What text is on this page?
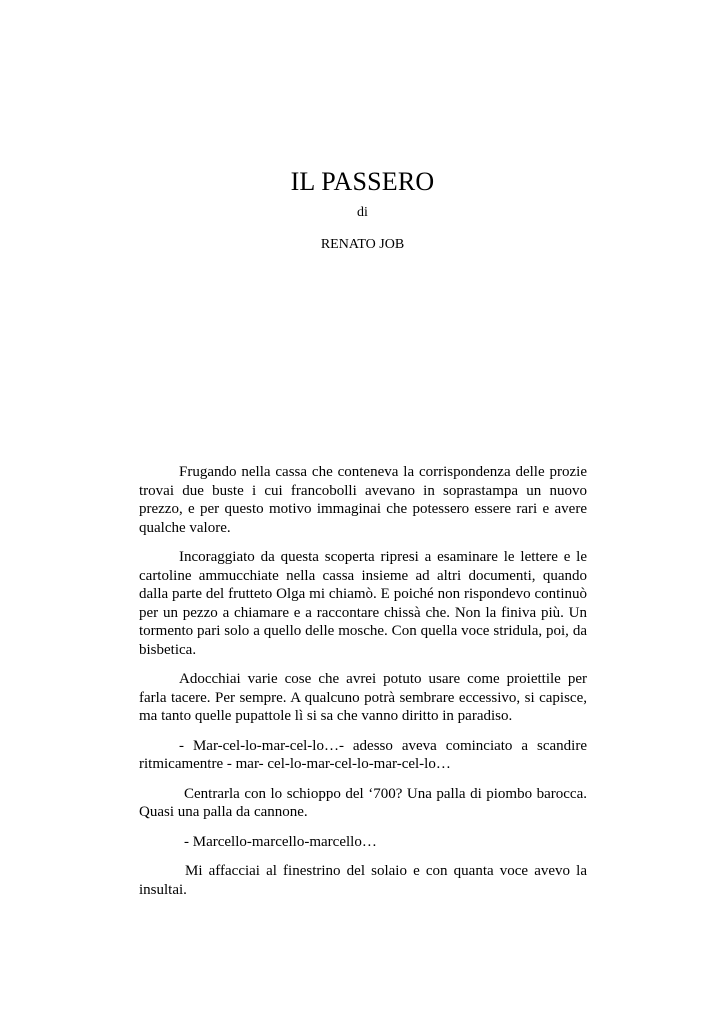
IL PASSERO
di
RENATO JOB

Frugando nella cassa che conteneva la corrispondenza delle prozie trovai due buste i cui francobolli avevano in soprastampa un nuovo prezzo, e per questo motivo immaginai che potessero essere rari e avere qualche valore.

Incoraggiato da questa scoperta ripresi a esaminare le lettere e le cartoline ammucchiate nella cassa insieme ad altri documenti, quando dalla parte del frutteto Olga mi chiamò. E poiché non rispondevo continuò per un pezzo a chiamare e a raccontare chissà che. Non la finiva più. Un tormento pari solo a quello delle mosche. Con quella voce stridula, poi, da bisbetica.

Adocchiai varie cose che avrei potuto usare come proiettile per farla tacere. Per sempre. A qualcuno potrà sembrare eccessivo, si capisce, ma tanto quelle pupattole lì si sa che vanno diritto in paradiso.

- Mar-cel-lo-mar-cel-lo…- adesso aveva cominciato a scandire ritmicamentre - mar- cel-lo-mar-cel-lo-mar-cel-lo…

Centrarla con lo schioppo del ‘700? Una palla di piombo barocca. Quasi una palla da cannone.

- Marcello-marcello-marcello…

Mi affacciai al finestrino del solaio e con quanta voce avevo la insultai.
